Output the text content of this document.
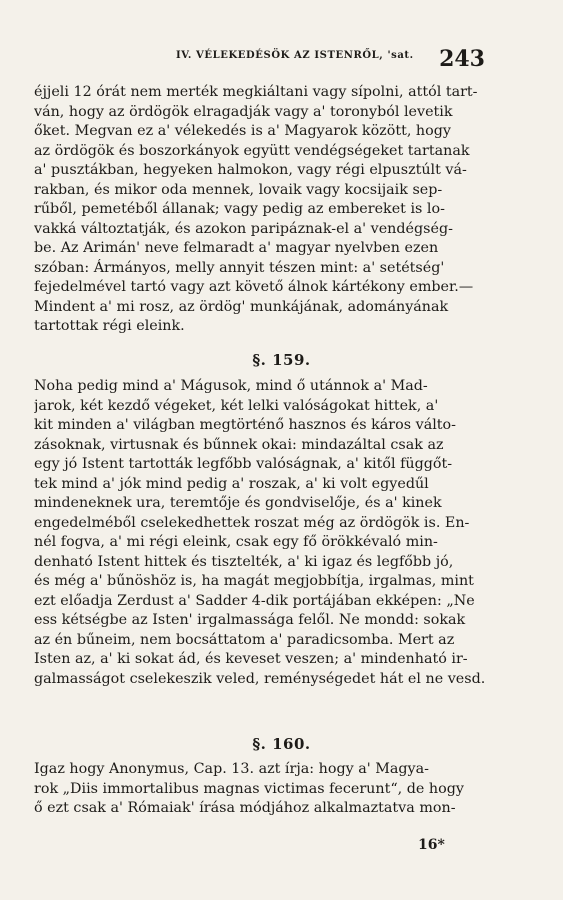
IV. VÉLEKEDÉSÖK AZ ISTENRŐL, 'sat. 243
éjjeli 12 órát nem merték megkiáltani vagy sípolni, attól tart-
ván, hogy az ördögök elragadják vagy a' toronyból levetik
őket. Megvan ez a' vélekedés is a' Magyarok között, hogy
az ördögök és boszorkányok együtt vendégségeket tartanak
a' pusztákban, hegyeken halmokon, vagy régi elpusztúlt vá-
rakban, és mikor oda mennek, lovaik vagy kocsijaik sep-
rűből, pemetéből állanak; vagy pedig az embereket is lo-
vakká változtatják, és azokon paripáznak-el a' vendégség-
be. Az Arimán' neve felmaradt a' magyar nyelvben ezen
szóban: Ármányos, melly annyit tészen mint: a' setétség'
fejedelmével tartó vagy azt követő álnok kártékony ember.—
Mindent a' mi rosz, az ördög' munkájának, adományának
tartottak régi eleink.
§. 159.
Noha pedig mind a' Mágusok, mind ő utánnok a' Mad-
jarok, két kezdő végeket, két lelki valóságokat hittek, a'
kit minden a' világban megtörténő hasznos és káros válto-
zásoknak, virtusnak és bűnnek okai: mindazáltal csak az
egy jó Istent tartották legfőbb valóságnak, a' kitől függőt-
tek mind a' jók mind pedig a' roszak, a' ki volt egyedűl
mindeneknek ura, teremtője és gondviselője, és a' kinek
engedelméből cselekedhettek roszat még az ördögök is. En-
nél fogva, a' mi régi eleink, csak egy fő örökkévaló min-
denható Istent hittek és tisztelték, a' ki igaz és legfőbb jó,
és még a' bűnöshöz is, ha magát megjobbítja, irgalmas, mint
ezt előadja Zerdust a' Sadder 4-dik portájában ekképen: „Ne
ess kétségbe az Isten' irgalmassága felől. Ne mondd: sokak
az én bűneim, nem bocsáttatom a' paradicsomba. Mert az
Isten az, a' ki sokat ád, és keveset veszen; a' mindenható ir-
galmasságot cselekeszik veled, reménységedet hát el ne vesd.
§. 160.
Igaz hogy Anonymus, Cap. 13. azt írja: hogy a' Magya-
rok „Diis immortalibus magnas victimas fecerunt“, de hogy
ő ezt csak a' Rómaiak' írása módjához alkalmaztatva mon-
16*
